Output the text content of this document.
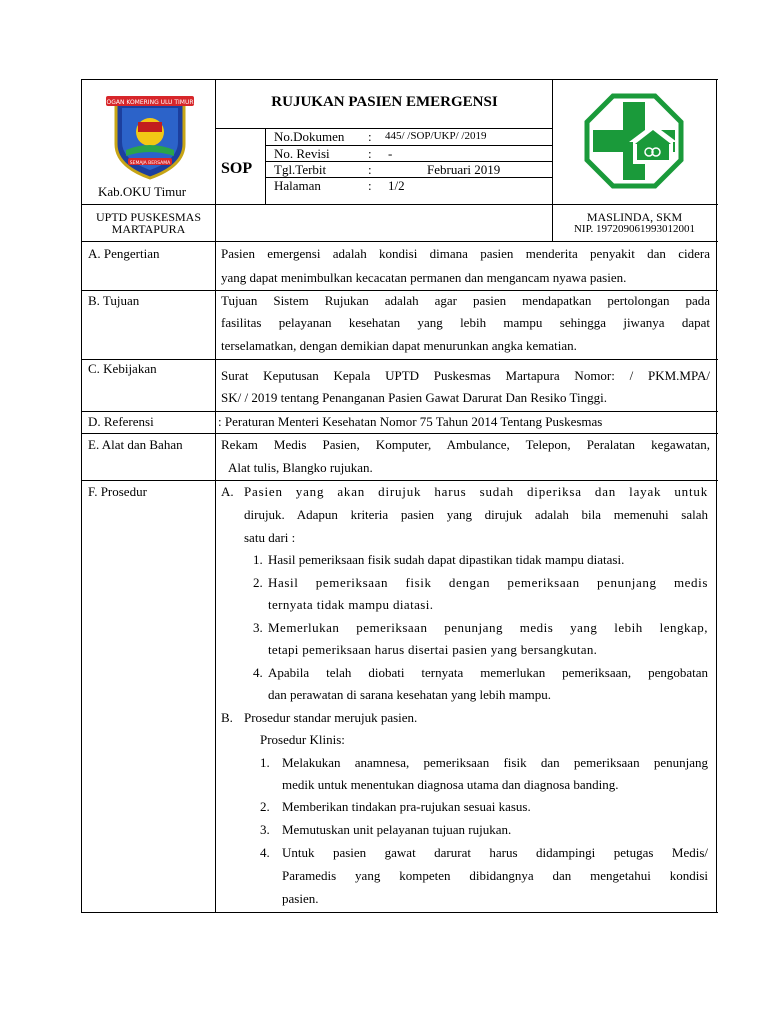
OGAN KOMERING ULU TIMUR
SEMAJA BERSAMA
Kab.OKU Timur
RUJUKAN PASIEN EMERGENSI
SOP
No.Dokumen : 445/ /SOP/UKP/ /2019
No. Revisi	: -
Tgl.Terbit	:	Februari 2019
Halaman	: 1/2
UPTD PUSKESMAS
MARTAPURA
MASLINDA, SKM
NIP. 197209061993012001
A. Pengertian	Pasien emergensi adalah kondisi dimana pasien menderita penyakit dan cidera
yang dapat menimbulkan kecacatan permanen dan mengancam nyawa pasien.
B. Tujuan	Tujuan Sistem Rujukan adalah agar pasien mendapatkan pertolongan pada
fasilitas pelayanan kesehatan yang lebih mampu sehingga jiwanya dapat
terselamatkan, dengan demikian dapat menurunkan angka kematian.
C. Kebijakan	Surat Keputusan Kepala UPTD Puskesmas Martapura Nomor: / PKM.MPA/
SK/ / 2019 tentang Penanganan Pasien Gawat Darurat Dan Resiko Tinggi.
D. Referensi	: Peraturan Menteri Kesehatan Nomor 75 Tahun 2014 Tentang Puskesmas
E. Alat dan Bahan	Rekam Medis Pasien, Komputer, Ambulance, Telepon, Peralatan kegawatan,
Alat tulis, Blangko rujukan.
F. Prosedur	A. Pasien yang akan dirujuk harus sudah diperiksa dan layak untuk
dirujuk. Adapun kriteria pasien yang dirujuk adalah bila memenuhi salah
satu dari :
1. Hasil pemeriksaan fisik sudah dapat dipastikan tidak mampu diatasi.
2. Hasil pemeriksaan fisik dengan pemeriksaan penunjang medis
ternyata tidak mampu diatasi.
3. Memerlukan pemeriksaan penunjang medis yang lebih lengkap,
tetapi pemeriksaan harus disertai pasien yang bersangkutan.
4. Apabila telah diobati ternyata memerlukan pemeriksaan, pengobatan
dan perawatan di sarana kesehatan yang lebih mampu.
B. Prosedur standar merujuk pasien.
Prosedur Klinis:
1. Melakukan anamnesa, pemeriksaan fisik dan pemeriksaan penunjang
medik untuk menentukan diagnosa utama dan diagnosa banding.
2. Memberikan tindakan pra-rujukan sesuai kasus.
3. Memutuskan unit pelayanan tujuan rujukan.
4. Untuk pasien gawat darurat harus didampingi petugas Medis/
Paramedis yang kompeten dibidangnya dan mengetahui kondisi
pasien.
